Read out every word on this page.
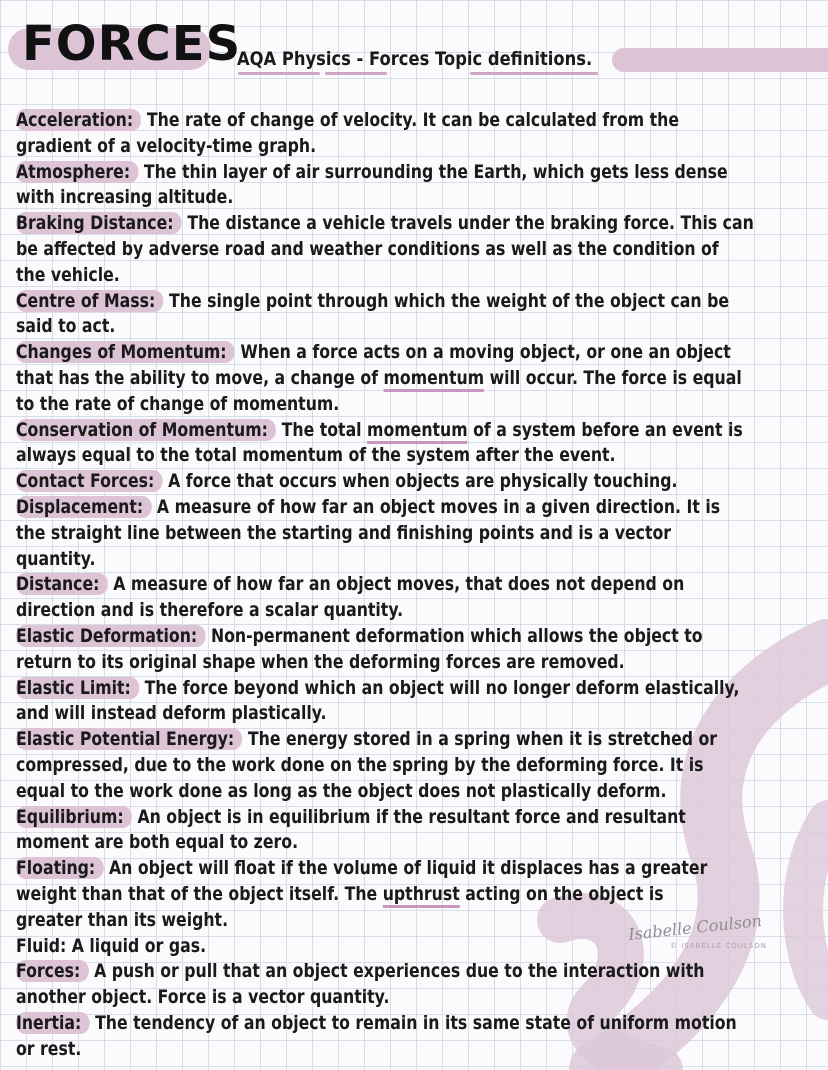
FORCES
AQA Physics - Forces Topic definitions.
Acceleration: The rate of change of velocity. It can be calculated from the
gradient of a velocity-time graph.
Atmosphere: The thin layer of air surrounding the Earth, which gets less dense
with increasing altitude.
Braking Distance: The distance a vehicle travels under the braking force. This can
be affected by adverse road and weather conditions as well as the condition of
the vehicle.
Centre of Mass: The single point through which the weight of the object can be
said to act.
Changes of Momentum: When a force acts on a moving object, or one an object
that has the ability to move, a change of momentum will occur. The force is equal
to the rate of change of momentum.
Conservation of Momentum: The total momentum of a system before an event is
always equal to the total momentum of the system after the event.
Contact Forces: A force that occurs when objects are physically touching.
Displacement: A measure of how far an object moves in a given direction. It is
the straight line between the starting and finishing points and is a vector
quantity.
Distance: A measure of how far an object moves, that does not depend on
direction and is therefore a scalar quantity.
Elastic Deformation: Non-permanent deformation which allows the object to
return to its original shape when the deforming forces are removed.
Elastic Limit: The force beyond which an object will no longer deform elastically,
and will instead deform plastically.
Elastic Potential Energy: The energy stored in a spring when it is stretched or
compressed, due to the work done on the spring by the deforming force. It is
equal to the work done as long as the object does not plastically deform.
Equilibrium: An object is in equilibrium if the resultant force and resultant
moment are both equal to zero.
Floating: An object will float if the volume of liquid it displaces has a greater
weight than that of the object itself. The upthrust acting on the object is
greater than its weight.
Fluid: A liquid or gas.
Forces: A push or pull that an object experiences due to the interaction with
another object. Force is a vector quantity.
Inertia: The tendency of an object to remain in its same state of uniform motion
or rest.
Isabelle Coulson
© ISABELLE COULSON
